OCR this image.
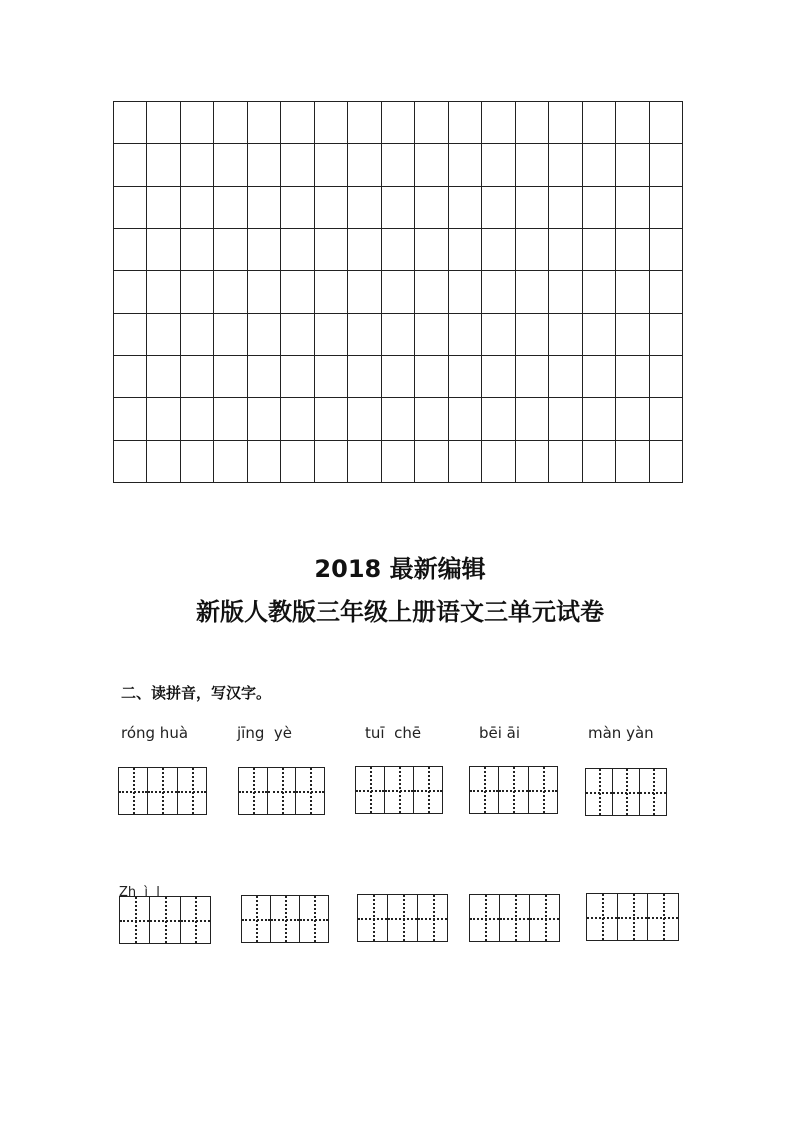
2018 最新编辑
新版人教版三年级上册语文三单元试卷
二、读拼音，写汉字。
róng huà	jīng  yè	tuī  chē	bēi āi	màn yàn
Zh  ì  l
